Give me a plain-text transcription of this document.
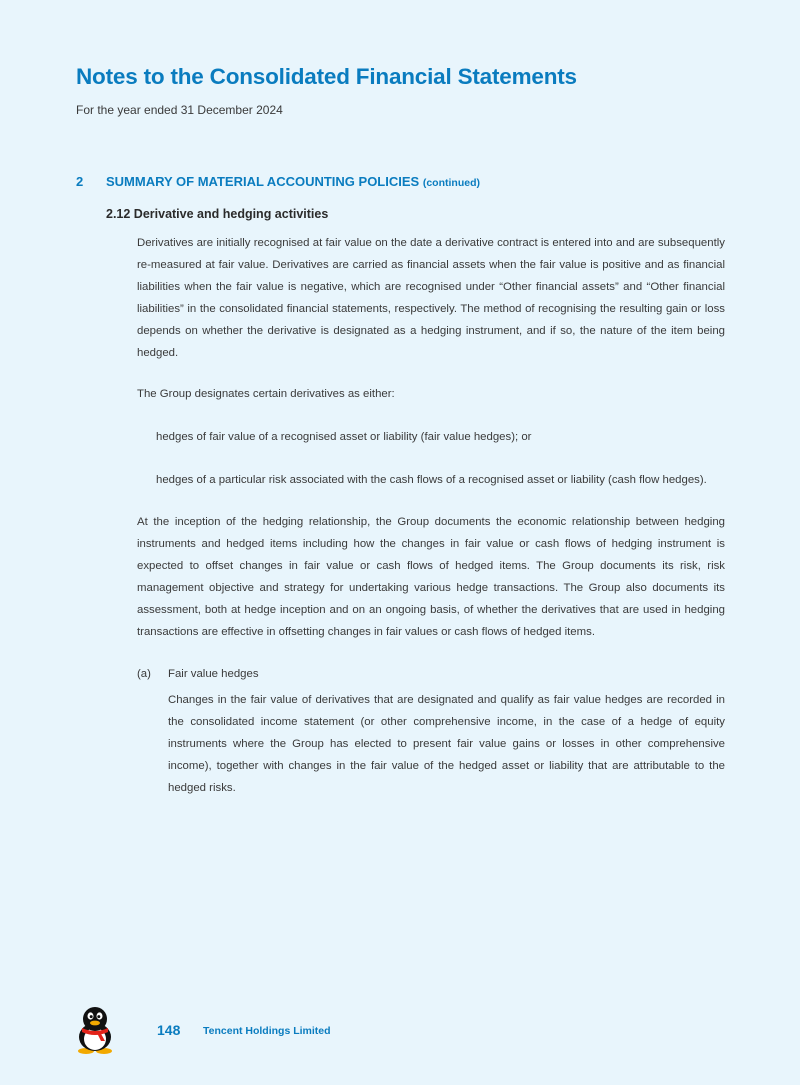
Notes to the Consolidated Financial Statements
For the year ended 31 December 2024
2 SUMMARY OF MATERIAL ACCOUNTING POLICIES (continued)
2.12 Derivative and hedging activities

Derivatives are initially recognised at fair value on the date a derivative contract is entered into and are subsequently re-measured at fair value. Derivatives are carried as financial assets when the fair value is positive and as financial liabilities when the fair value is negative, which are recognised under “Other financial assets” and “Other financial liabilities” in the consolidated financial statements, respectively. The method of recognising the resulting gain or loss depends on whether the derivative is designated as a hedging instrument, and if so, the nature of the item being hedged.

The Group designates certain derivatives as either:

hedges of fair value of a recognised asset or liability (fair value hedges); or

hedges of a particular risk associated with the cash flows of a recognised asset or liability (cash flow hedges).

At the inception of the hedging relationship, the Group documents the economic relationship between hedging instruments and hedged items including how the changes in fair value or cash flows of hedging instrument is expected to offset changes in fair value or cash flows of hedged items. The Group documents its risk, risk management objective and strategy for undertaking various hedge transactions. The Group also documents its assessment, both at hedge inception and on an ongoing basis, of whether the derivatives that are used in hedging transactions are effective in offsetting changes in fair values or cash flows of hedged items.

(a) Fair value hedges

Changes in the fair value of derivatives that are designated and qualify as fair value hedges are recorded in the consolidated income statement (or other comprehensive income, in the case of a hedge of equity instruments where the Group has elected to present fair value gains or losses in other comprehensive income), together with changes in the fair value of the hedged asset or liability that are attributable to the hedged risks.

148 Tencent Holdings Limited
